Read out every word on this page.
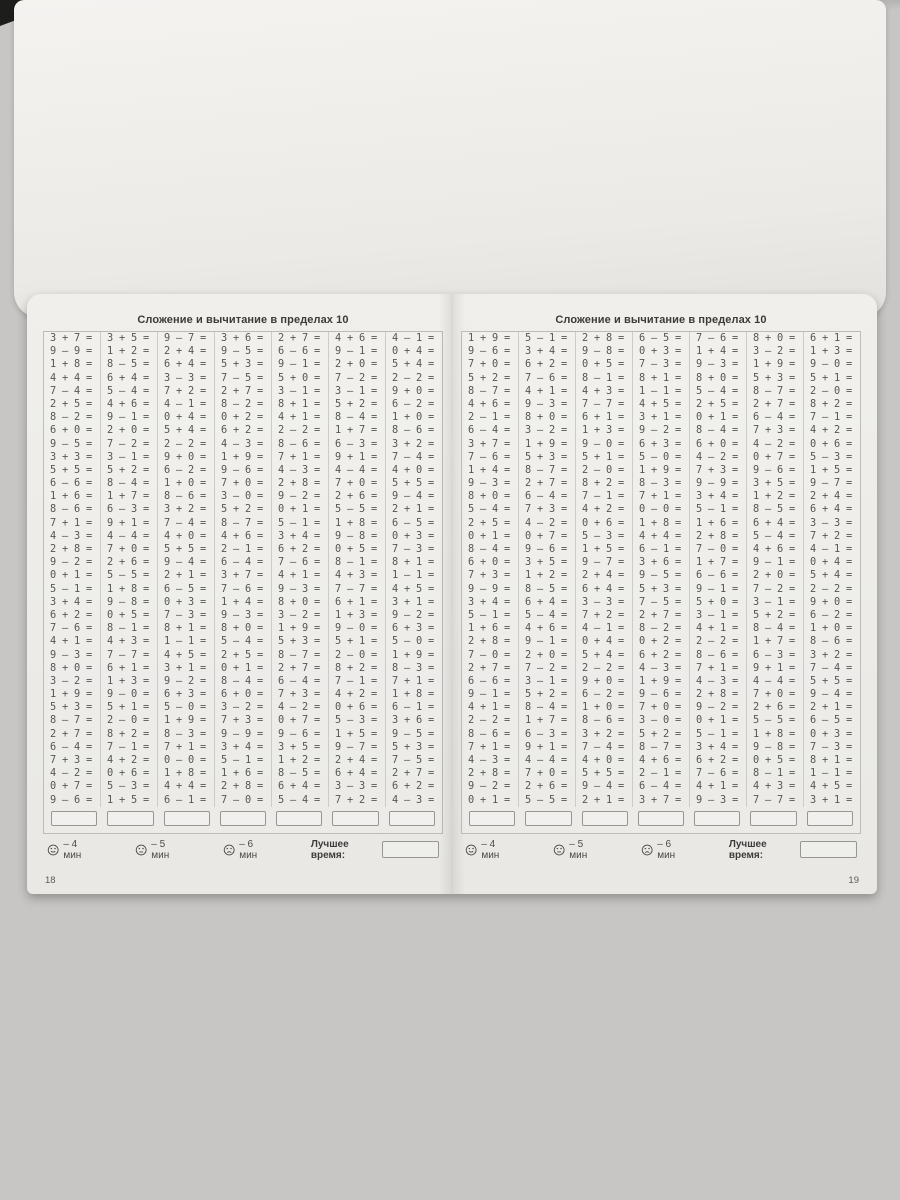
Сложение и вычитание в пределах 10
3 + 7 =
9 – 9 =
1 + 8 =
4 + 4 =
7 – 4 =
2 + 5 =
8 – 2 =
6 + 0 =
9 – 5 =
3 + 3 =
5 + 5 =
6 – 6 =
1 + 6 =
8 – 6 =
7 + 1 =
4 – 3 =
2 + 8 =
9 – 2 =
0 + 1 =
5 – 1 =
3 + 4 =
6 + 2 =
7 – 6 =
4 + 1 =
9 – 3 =
8 + 0 =
3 – 2 =
1 + 9 =
5 + 3 =
8 – 7 =
2 + 7 =
6 – 4 =
7 + 3 =
4 – 2 =
0 + 7 =
9 – 6 =
3 + 5 =
1 + 2 =
8 – 5 =
6 + 4 =
5 – 4 =
4 + 6 =
9 – 1 =
2 + 0 =
7 – 2 =
3 – 1 =
5 + 2 =
8 – 4 =
1 + 7 =
6 – 3 =
9 + 1 =
4 – 4 =
7 + 0 =
2 + 6 =
5 – 5 =
1 + 8 =
9 – 8 =
0 + 5 =
8 – 1 =
4 + 3 =
7 – 7 =
6 + 1 =
1 + 3 =
9 – 0 =
5 + 1 =
2 – 0 =
8 + 2 =
7 – 1 =
4 + 2 =
0 + 6 =
5 – 3 =
1 + 5 =
9 – 7 =
2 + 4 =
6 + 4 =
3 – 3 =
7 + 2 =
4 – 1 =
0 + 4 =
5 + 4 =
2 – 2 =
9 + 0 =
6 – 2 =
1 + 0 =
8 – 6 =
3 + 2 =
7 – 4 =
4 + 0 =
5 + 5 =
9 – 4 =
2 + 1 =
6 – 5 =
0 + 3 =
7 – 3 =
8 + 1 =
1 – 1 =
4 + 5 =
3 + 1 =
9 – 2 =
6 + 3 =
5 – 0 =
1 + 9 =
8 – 3 =
7 + 1 =
0 – 0 =
1 + 8 =
4 + 4 =
6 – 1 =
3 + 6 =
9 – 5 =
5 + 3 =
7 – 5 =
2 + 7 =
8 – 2 =
0 + 2 =
6 + 2 =
4 – 3 =
1 + 9 =
9 – 6 =
7 + 0 =
3 – 0 =
5 + 2 =
8 – 7 =
4 + 6 =
2 – 1 =
6 – 4 =
3 + 7 =
7 – 6 =
1 + 4 =
9 – 3 =
8 + 0 =
5 – 4 =
2 + 5 =
0 + 1 =
8 – 4 =
6 + 0 =
3 – 2 =
7 + 3 =
9 – 9 =
3 + 4 =
5 – 1 =
1 + 6 =
2 + 8 =
7 – 0 =
2 + 7 =
6 – 6 =
9 – 1 =
5 + 0 =
3 – 1 =
8 + 1 =
4 + 1 =
2 – 2 =
8 – 6 =
7 + 1 =
4 – 3 =
2 + 8 =
9 – 2 =
0 + 1 =
5 – 1 =
3 + 4 =
6 + 2 =
7 – 6 =
4 + 1 =
9 – 3 =
8 + 0 =
3 – 2 =
1 + 9 =
5 + 3 =
8 – 7 =
2 + 7 =
6 – 4 =
7 + 3 =
4 – 2 =
0 + 7 =
9 – 6 =
3 + 5 =
1 + 2 =
8 – 5 =
6 + 4 =
5 – 4 =
4 + 6 =
9 – 1 =
2 + 0 =
7 – 2 =
3 – 1 =
5 + 2 =
8 – 4 =
1 + 7 =
6 – 3 =
9 + 1 =
4 – 4 =
7 + 0 =
2 + 6 =
5 – 5 =
1 + 8 =
9 – 8 =
0 + 5 =
8 – 1 =
4 + 3 =
7 – 7 =
6 + 1 =
1 + 3 =
9 – 0 =
5 + 1 =
2 – 0 =
8 + 2 =
7 – 1 =
4 + 2 =
0 + 6 =
5 – 3 =
1 + 5 =
9 – 7 =
2 + 4 =
6 + 4 =
3 – 3 =
7 + 2 =
4 – 1 =
0 + 4 =
5 + 4 =
2 – 2 =
9 + 0 =
6 – 2 =
1 + 0 =
8 – 6 =
3 + 2 =
7 – 4 =
4 + 0 =
5 + 5 =
9 – 4 =
2 + 1 =
6 – 5 =
0 + 3 =
7 – 3 =
8 + 1 =
1 – 1 =
4 + 5 =
3 + 1 =
9 – 2 =
6 + 3 =
5 – 0 =
1 + 9 =
8 – 3 =
7 + 1 =
1 + 8 =
6 – 1 =
3 + 6 =
9 – 5 =
5 + 3 =
7 – 5 =
2 + 7 =
6 + 2 =
4 – 3 =
– 4 мин
– 5 мин
– 6 мин
Лучшее время:
18
Сложение и вычитание в пределах 10
1 + 9 =
9 – 6 =
7 + 0 =
5 + 2 =
8 – 7 =
4 + 6 =
2 – 1 =
6 – 4 =
3 + 7 =
7 – 6 =
1 + 4 =
9 – 3 =
8 + 0 =
5 – 4 =
2 + 5 =
0 + 1 =
8 – 4 =
6 + 0 =
7 + 3 =
9 – 9 =
3 + 4 =
5 – 1 =
1 + 6 =
2 + 8 =
7 – 0 =
2 + 7 =
6 – 6 =
9 – 1 =
4 + 1 =
2 – 2 =
8 – 6 =
7 + 1 =
4 – 3 =
2 + 8 =
9 – 2 =
0 + 1 =
5 – 1 =
3 + 4 =
6 + 2 =
7 – 6 =
4 + 1 =
9 – 3 =
8 + 0 =
3 – 2 =
1 + 9 =
5 + 3 =
8 – 7 =
2 + 7 =
6 – 4 =
7 + 3 =
4 – 2 =
0 + 7 =
9 – 6 =
3 + 5 =
1 + 2 =
8 – 5 =
6 + 4 =
5 – 4 =
4 + 6 =
9 – 1 =
2 + 0 =
7 – 2 =
3 – 1 =
5 + 2 =
8 – 4 =
1 + 7 =
6 – 3 =
9 + 1 =
4 – 4 =
7 + 0 =
2 + 6 =
5 – 5 =
2 + 8 =
9 – 8 =
0 + 5 =
8 – 1 =
4 + 3 =
7 – 7 =
6 + 1 =
1 + 3 =
9 – 0 =
5 + 1 =
2 – 0 =
8 + 2 =
7 – 1 =
4 + 2 =
0 + 6 =
5 – 3 =
1 + 5 =
9 – 7 =
2 + 4 =
6 + 4 =
3 – 3 =
7 + 2 =
4 – 1 =
0 + 4 =
5 + 4 =
2 – 2 =
9 + 0 =
6 – 2 =
1 + 0 =
8 – 6 =
3 + 2 =
7 – 4 =
4 + 0 =
5 + 5 =
9 – 4 =
2 + 1 =
6 – 5 =
0 + 3 =
7 – 3 =
8 + 1 =
1 – 1 =
4 + 5 =
3 + 1 =
9 – 2 =
6 + 3 =
5 – 0 =
1 + 9 =
8 – 3 =
7 + 1 =
0 – 0 =
1 + 8 =
4 + 4 =
6 – 1 =
3 + 6 =
9 – 5 =
5 + 3 =
7 – 5 =
2 + 7 =
8 – 2 =
0 + 2 =
6 + 2 =
4 – 3 =
1 + 9 =
9 – 6 =
7 + 0 =
3 – 0 =
5 + 2 =
8 – 7 =
4 + 6 =
2 – 1 =
6 – 4 =
3 + 7 =
7 – 6 =
1 + 4 =
9 – 3 =
8 + 0 =
5 – 4 =
2 + 5 =
0 + 1 =
8 – 4 =
6 + 0 =
4 – 2 =
7 + 3 =
9 – 9 =
3 + 4 =
5 – 1 =
1 + 6 =
2 + 8 =
7 – 0 =
1 + 7 =
6 – 6 =
9 – 1 =
5 + 0 =
3 – 1 =
4 + 1 =
2 – 2 =
8 – 6 =
7 + 1 =
4 – 3 =
2 + 8 =
9 – 2 =
0 + 1 =
5 – 1 =
3 + 4 =
6 + 2 =
7 – 6 =
4 + 1 =
9 – 3 =
8 + 0 =
3 – 2 =
1 + 9 =
5 + 3 =
8 – 7 =
2 + 7 =
6 – 4 =
7 + 3 =
4 – 2 =
0 + 7 =
9 – 6 =
3 + 5 =
1 + 2 =
8 – 5 =
6 + 4 =
5 – 4 =
4 + 6 =
9 – 1 =
2 + 0 =
7 – 2 =
3 – 1 =
5 + 2 =
8 – 4 =
1 + 7 =
6 – 3 =
9 + 1 =
4 – 4 =
7 + 0 =
2 + 6 =
5 – 5 =
1 + 8 =
9 – 8 =
0 + 5 =
8 – 1 =
4 + 3 =
7 – 7 =
6 + 1 =
1 + 3 =
9 – 0 =
5 + 1 =
2 – 0 =
8 + 2 =
7 – 1 =
4 + 2 =
0 + 6 =
5 – 3 =
1 + 5 =
9 – 7 =
2 + 4 =
6 + 4 =
3 – 3 =
7 + 2 =
4 – 1 =
0 + 4 =
5 + 4 =
2 – 2 =
9 + 0 =
6 – 2 =
1 + 0 =
8 – 6 =
3 + 2 =
7 – 4 =
5 + 5 =
9 – 4 =
2 + 1 =
6 – 5 =
0 + 3 =
7 – 3 =
8 + 1 =
1 – 1 =
4 + 5 =
3 + 1 =
– 4 мин
– 5 мин
– 6 мин
Лучшее время:
19
